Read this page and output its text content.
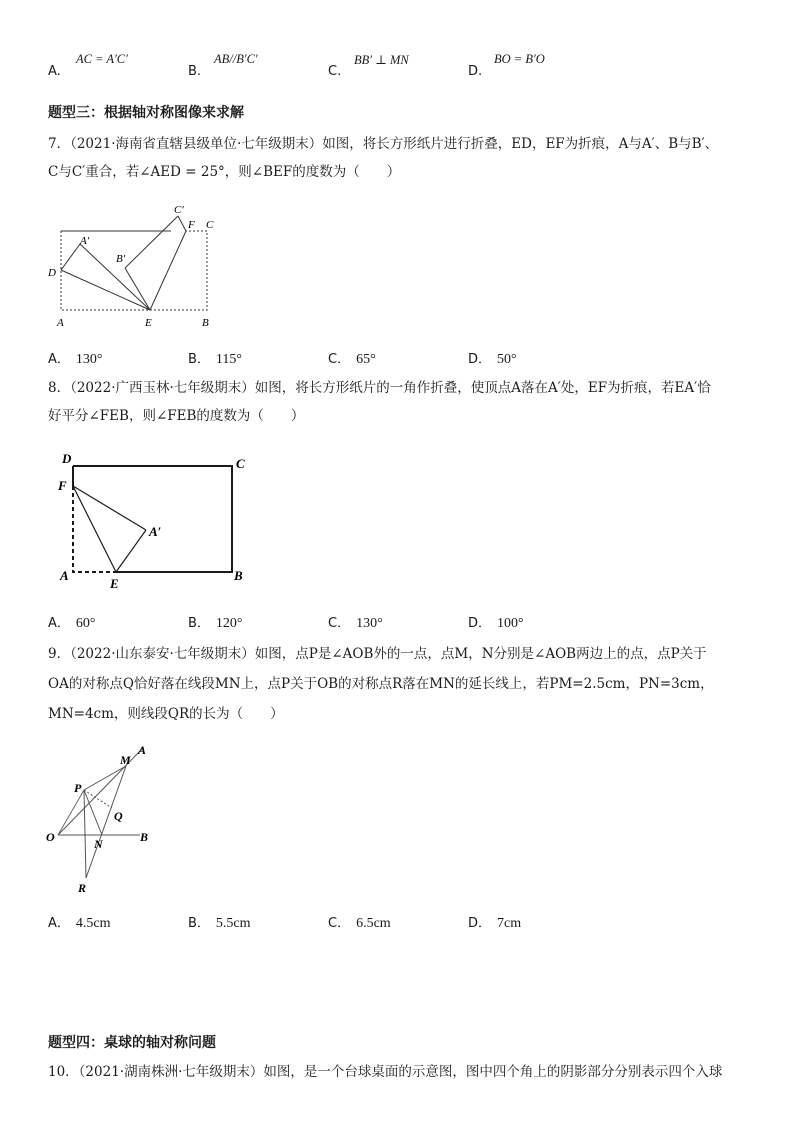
A.
AC = A′C′
B.
AB//B′C′
C.
BB′ ⊥ MN
D.
BO = B′O
题型三：根据轴对称图像来求解
7．（2021·海南省直辖县级单位·七年级期末）如图，将长方形纸片进行折叠，ED，EF为折痕，A与A′、B与B′、
C与C′重合，若∠AED = 25°，则∠BEF的度数为（　　）
C′
F C
A′
B′
D
A	E	B
A． 130°	B． 115°	C． 65°	D． 50°
8．（2022·广西玉林·七年级期末）如图，将长方形纸片的一角作折叠，使顶点A落在A′处，EF为折痕，若EA′恰
好平分∠FEB，则∠FEB的度数为（　　）
D	C
F
A′
A
E
B
A． 60°	B． 120°	C． 130°	D． 100°
9．（2022·山东泰安·七年级期末）如图，点P是∠AOB外的一点，点M，N分别是∠AOB两边上的点，点P关于
OA的对称点Q恰好落在线段MN上，点P关于OB的对称点R落在MN的延长线上，若PM=2.5cm，PN=3cm，
MN=4cm，则线段QR的长为（　　）
A
M
P
Q
O	N	B
R
A． 4.5cm	B． 5.5cm	C． 6.5cm	D． 7cm
题型四：桌球的轴对称问题
10．（2021·湖南株洲·七年级期末）如图，是一个台球桌面的示意图，图中四个角上的阴影部分分别表示四个入球
